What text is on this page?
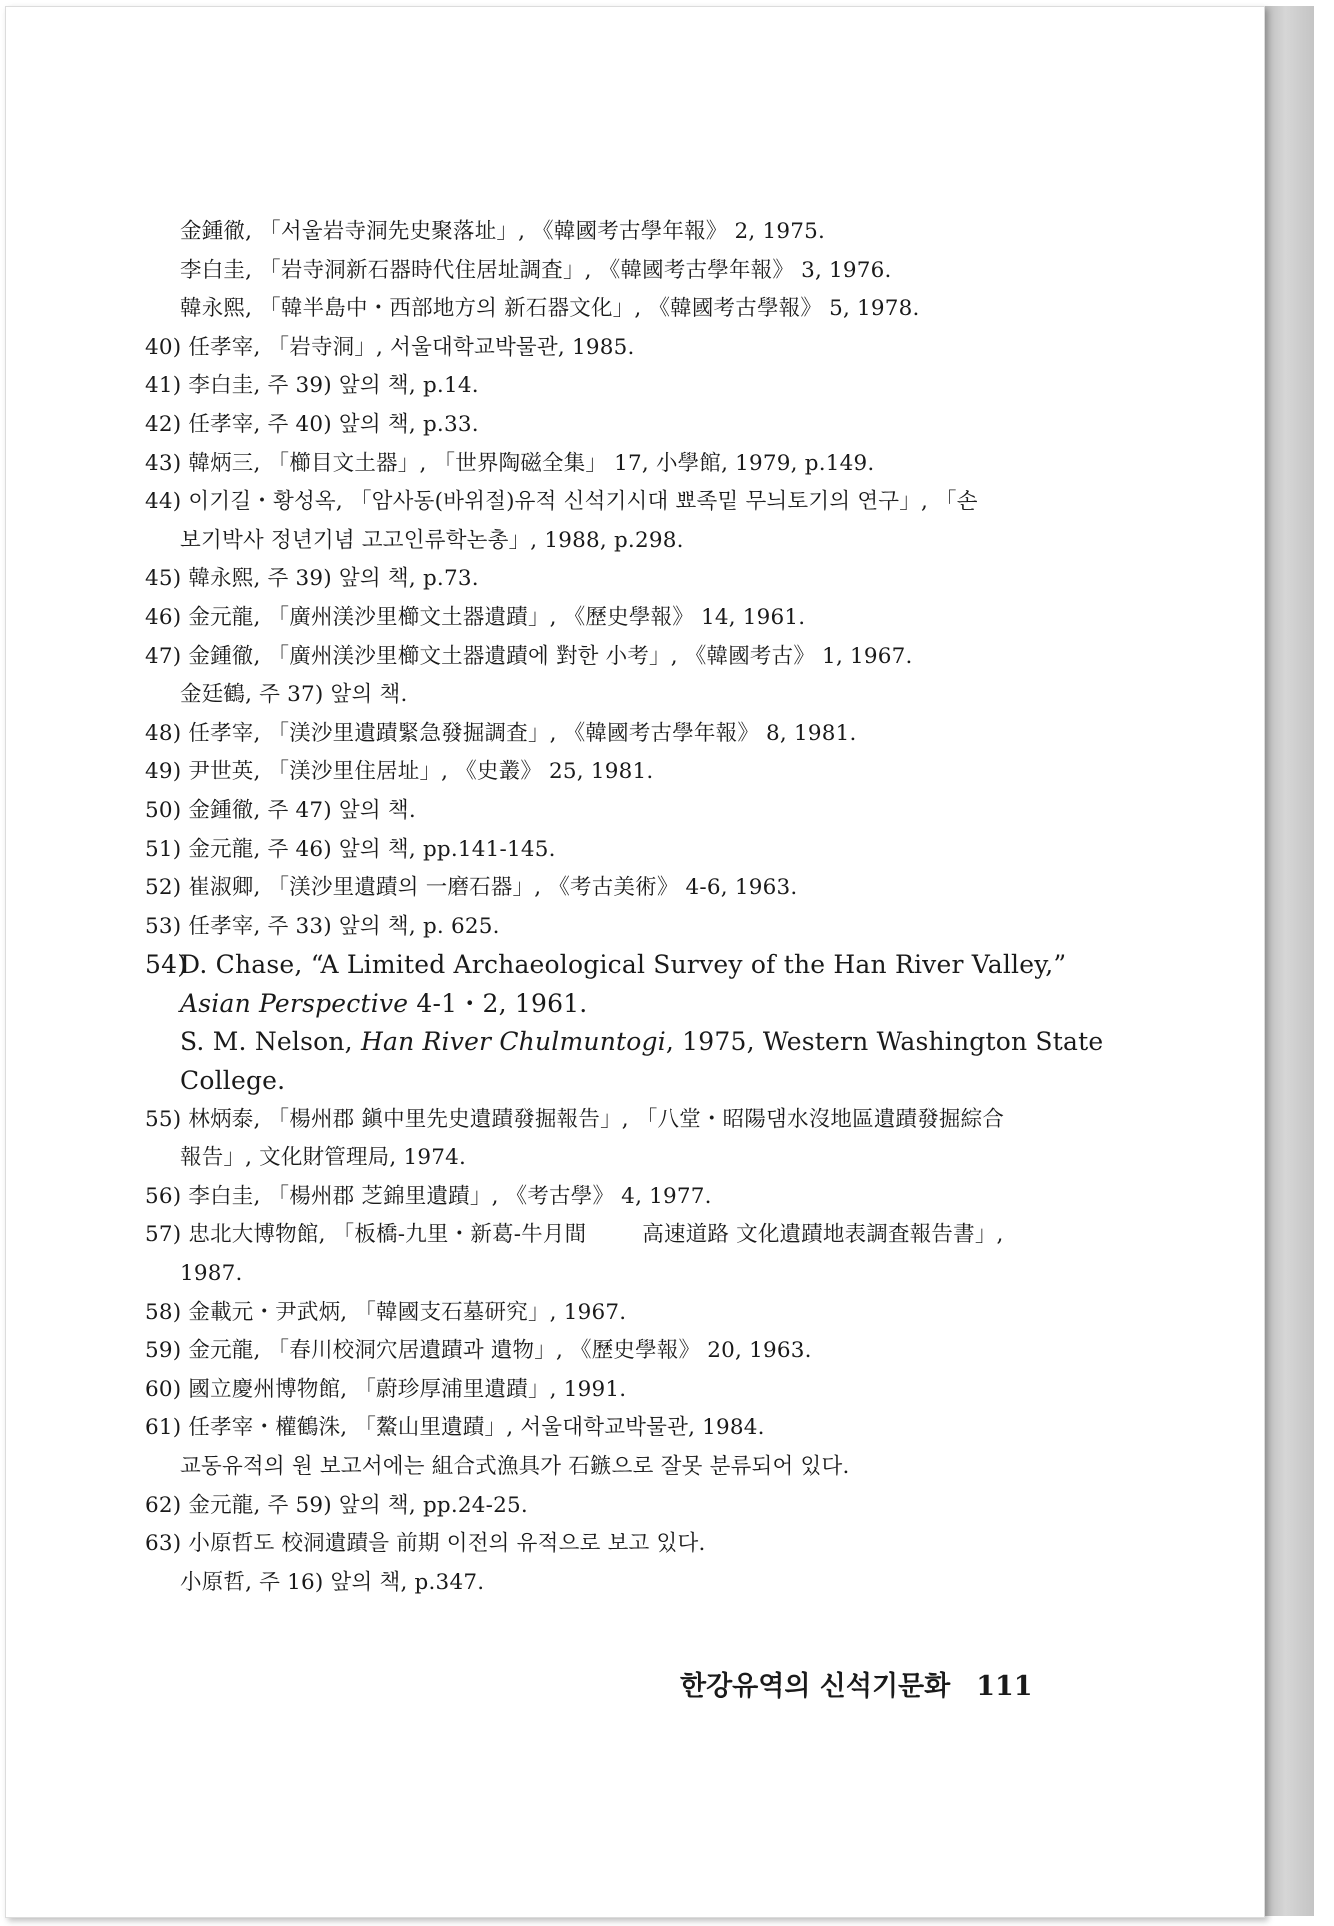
金鍾徹, 「서울岩寺洞先史聚落址」, 《韓國考古學年報》 2, 1975.
李白圭, 「岩寺洞新石器時代住居址調査」, 《韓國考古學年報》 3, 1976.
韓永熙, 「韓半島中・西部地方의 新石器文化」, 《韓國考古學報》 5, 1978.
40) 任孝宰, 「岩寺洞」, 서울대학교박물관, 1985.
41) 李白圭, 주 39) 앞의 책, p.14.
42) 任孝宰, 주 40) 앞의 책, p.33.
43) 韓炳三, 「櫛目文土器」, 「世界陶磁全集」 17, 小學館, 1979, p.149.
44) 이기길・황성옥, 「암사동(바위절)유적 신석기시대 뾰족밑 무늬토기의 연구」, 「손
보기박사 정년기념 고고인류학논총」, 1988, p.298.
45) 韓永熙, 주 39) 앞의 책, p.73.
46) 金元龍, 「廣州渼沙里櫛文土器遺蹟」, 《歷史學報》 14, 1961.
47) 金鍾徹, 「廣州渼沙里櫛文土器遺蹟에 對한 小考」, 《韓國考古》 1, 1967.
金廷鶴, 주 37) 앞의 책.
48) 任孝宰, 「渼沙里遺蹟緊急發掘調査」, 《韓國考古學年報》 8, 1981.
49) 尹世英, 「渼沙里住居址」, 《史叢》 25, 1981.
50) 金鍾徹, 주 47) 앞의 책.
51) 金元龍, 주 46) 앞의 책, pp.141-145.
52) 崔淑卿, 「渼沙里遺蹟의 一磨石器」, 《考古美術》 4-6, 1963.
53) 任孝宰, 주 33) 앞의 책, p. 625.
54)D. Chase, “A Limited Archaeological Survey of the Han River Valley,”
Asian Perspective 4-1・2, 1961.
S. M. Nelson, Han River Chulmuntogi, 1975, Western Washington State
College.
55) 林炳泰, 「楊州郡 鎭中里先史遺蹟發掘報告」, 「八堂・昭陽댐水沒地區遺蹟發掘綜合
報告」, 文化財管理局, 1974.
56) 李白圭, 「楊州郡 芝錦里遺蹟」, 《考古學》 4, 1977.
57) 忠北大博物館, 「板橋-九里・新葛-牛月間	高速道路 文化遺蹟地表調査報告書」,
1987.
58) 金載元・尹武炳, 「韓國支石墓研究」, 1967.
59) 金元龍, 「春川校洞穴居遺蹟과 遺物」, 《歷史學報》 20, 1963.
60) 國立慶州博物館, 「蔚珍厚浦里遺蹟」, 1991.
61) 任孝宰・權鶴洙, 「鰲山里遺蹟」, 서울대학교박물관, 1984.
교동유적의 원 보고서에는 組合式漁具가 石鏃으로 잘못 분류되어 있다.
62) 金元龍, 주 59) 앞의 책, pp.24-25.
63) 小原哲도 校洞遺蹟을 前期 이전의 유적으로 보고 있다.
小原哲, 주 16) 앞의 책, p.347.
한강유역의 신석기문화 111
